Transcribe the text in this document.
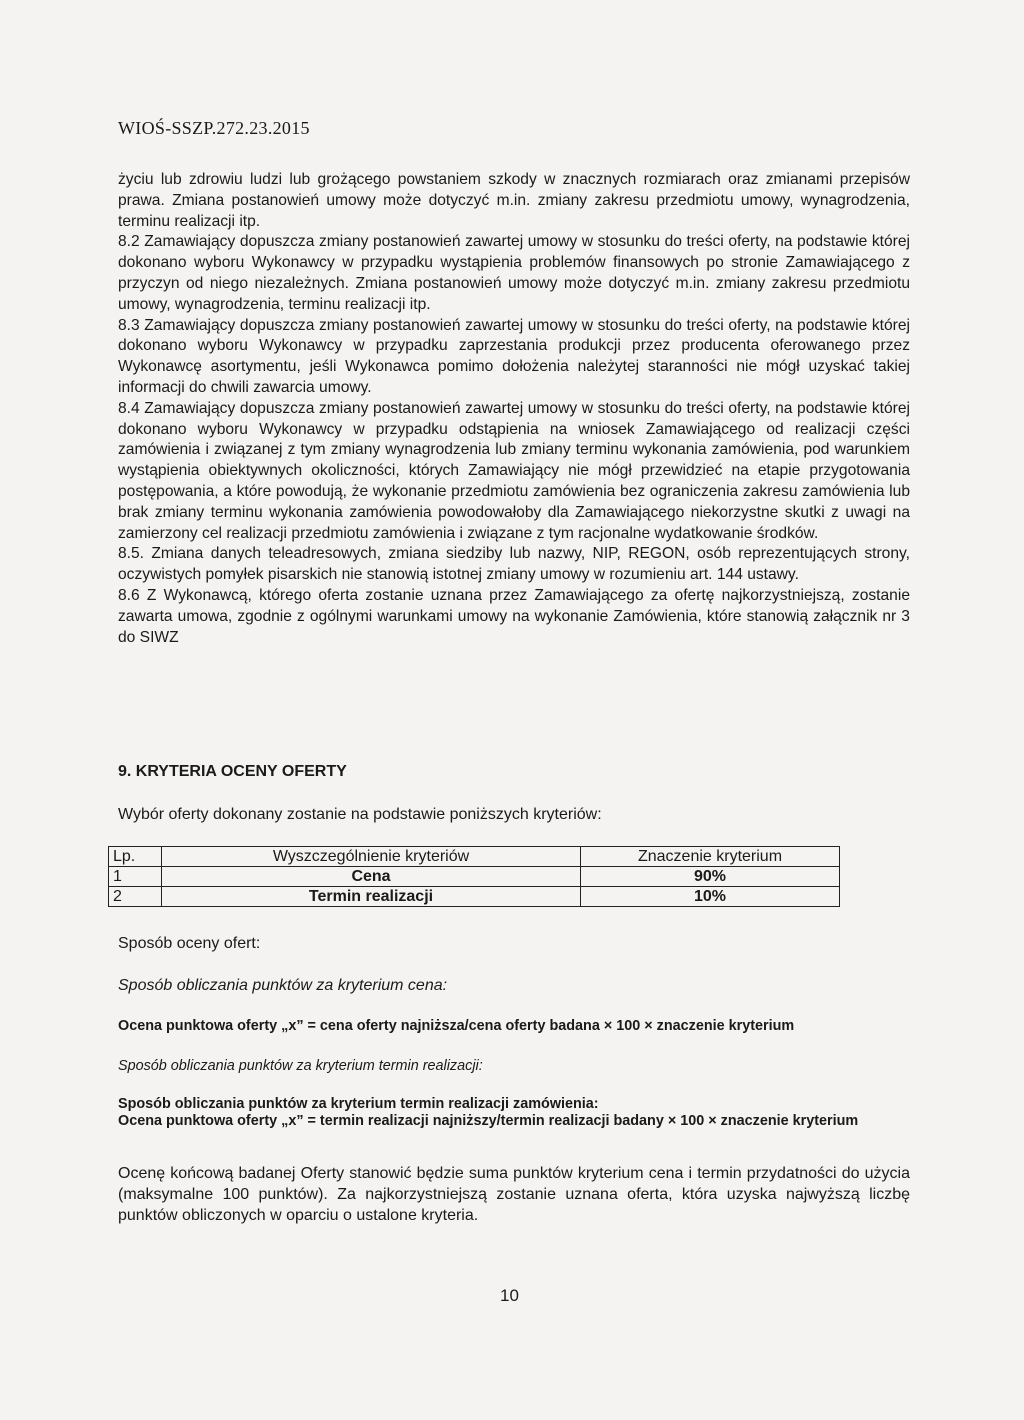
WIOŚ-SSZP.272.23.2015

życiu lub zdrowiu ludzi lub grożącego powstaniem szkody w znacznych rozmiarach oraz zmianami przepisów prawa. Zmiana postanowień umowy może dotyczyć m.in. zmiany zakresu przedmiotu umowy, wynagrodzenia, terminu realizacji itp.

8.2 Zamawiający dopuszcza zmiany postanowień zawartej umowy w stosunku do treści oferty, na podstawie której dokonano wyboru Wykonawcy w przypadku wystąpienia problemów finansowych po stronie Zamawiającego z przyczyn od niego niezależnych. Zmiana postanowień umowy może dotyczyć m.in. zmiany zakresu przedmiotu umowy, wynagrodzenia, terminu realizacji itp.

8.3 Zamawiający dopuszcza zmiany postanowień zawartej umowy w stosunku do treści oferty, na podstawie której dokonano wyboru Wykonawcy w przypadku zaprzestania produkcji przez producenta oferowanego przez Wykonawcę asortymentu, jeśli Wykonawca pomimo dołożenia należytej staranności nie mógł uzyskać takiej informacji do chwili zawarcia umowy.

8.4 Zamawiający dopuszcza zmiany postanowień zawartej umowy w stosunku do treści oferty, na podstawie której dokonano wyboru Wykonawcy w przypadku odstąpienia na wniosek Zamawiającego od realizacji części zamówienia i związanej z tym zmiany wynagrodzenia lub zmiany terminu wykonania zamówienia, pod warunkiem wystąpienia obiektywnych okoliczności, których Zamawiający nie mógł przewidzieć na etapie przygotowania postępowania, a które powodują, że wykonanie przedmiotu zamówienia bez ograniczenia zakresu zamówienia lub brak zmiany terminu wykonania zamówienia powodowałoby dla Zamawiającego niekorzystne skutki z uwagi na zamierzony cel realizacji przedmiotu zamówienia i związane z tym racjonalne wydatkowanie środków.

8.5. Zmiana danych teleadresowych, zmiana siedziby lub nazwy, NIP, REGON, osób reprezentujących strony, oczywistych pomyłek pisarskich nie stanowią istotnej zmiany umowy w rozumieniu art. 144 ustawy.

8.6 Z Wykonawcą, którego oferta zostanie uznana przez Zamawiającego za ofertę najkorzystniejszą, zostanie zawarta umowa, zgodnie z ogólnymi warunkami umowy na wykonanie Zamówienia, które stanowią załącznik nr 3 do SIWZ

9. KRYTERIA OCENY OFERTY
Wybór oferty dokonany zostanie na podstawie poniższych kryteriów:
Lp.	Wyszczególnienie kryteriów	Znaczenie kryterium
1	Cena	90%
2	Termin realizacji	10%
Sposób oceny ofert:
Sposób obliczania punktów za kryterium cena:
Ocena punktowa oferty „x” = cena oferty najniższa/cena oferty badana × 100 × znaczenie kryterium
Sposób obliczania punktów za kryterium termin realizacji:

Sposób obliczania punktów za kryterium termin realizacji zamówienia:

Ocena punktowa oferty „x” = termin realizacji najniższy/termin realizacji badany × 100 × znaczenie kryterium

Ocenę końcową badanej Oferty stanowić będzie suma punktów kryterium cena i termin przydatności do użycia (maksymalne 100 punktów). Za najkorzystniejszą zostanie uznana oferta, która uzyska najwyższą liczbę punktów obliczonych w oparciu o ustalone kryteria.
10
